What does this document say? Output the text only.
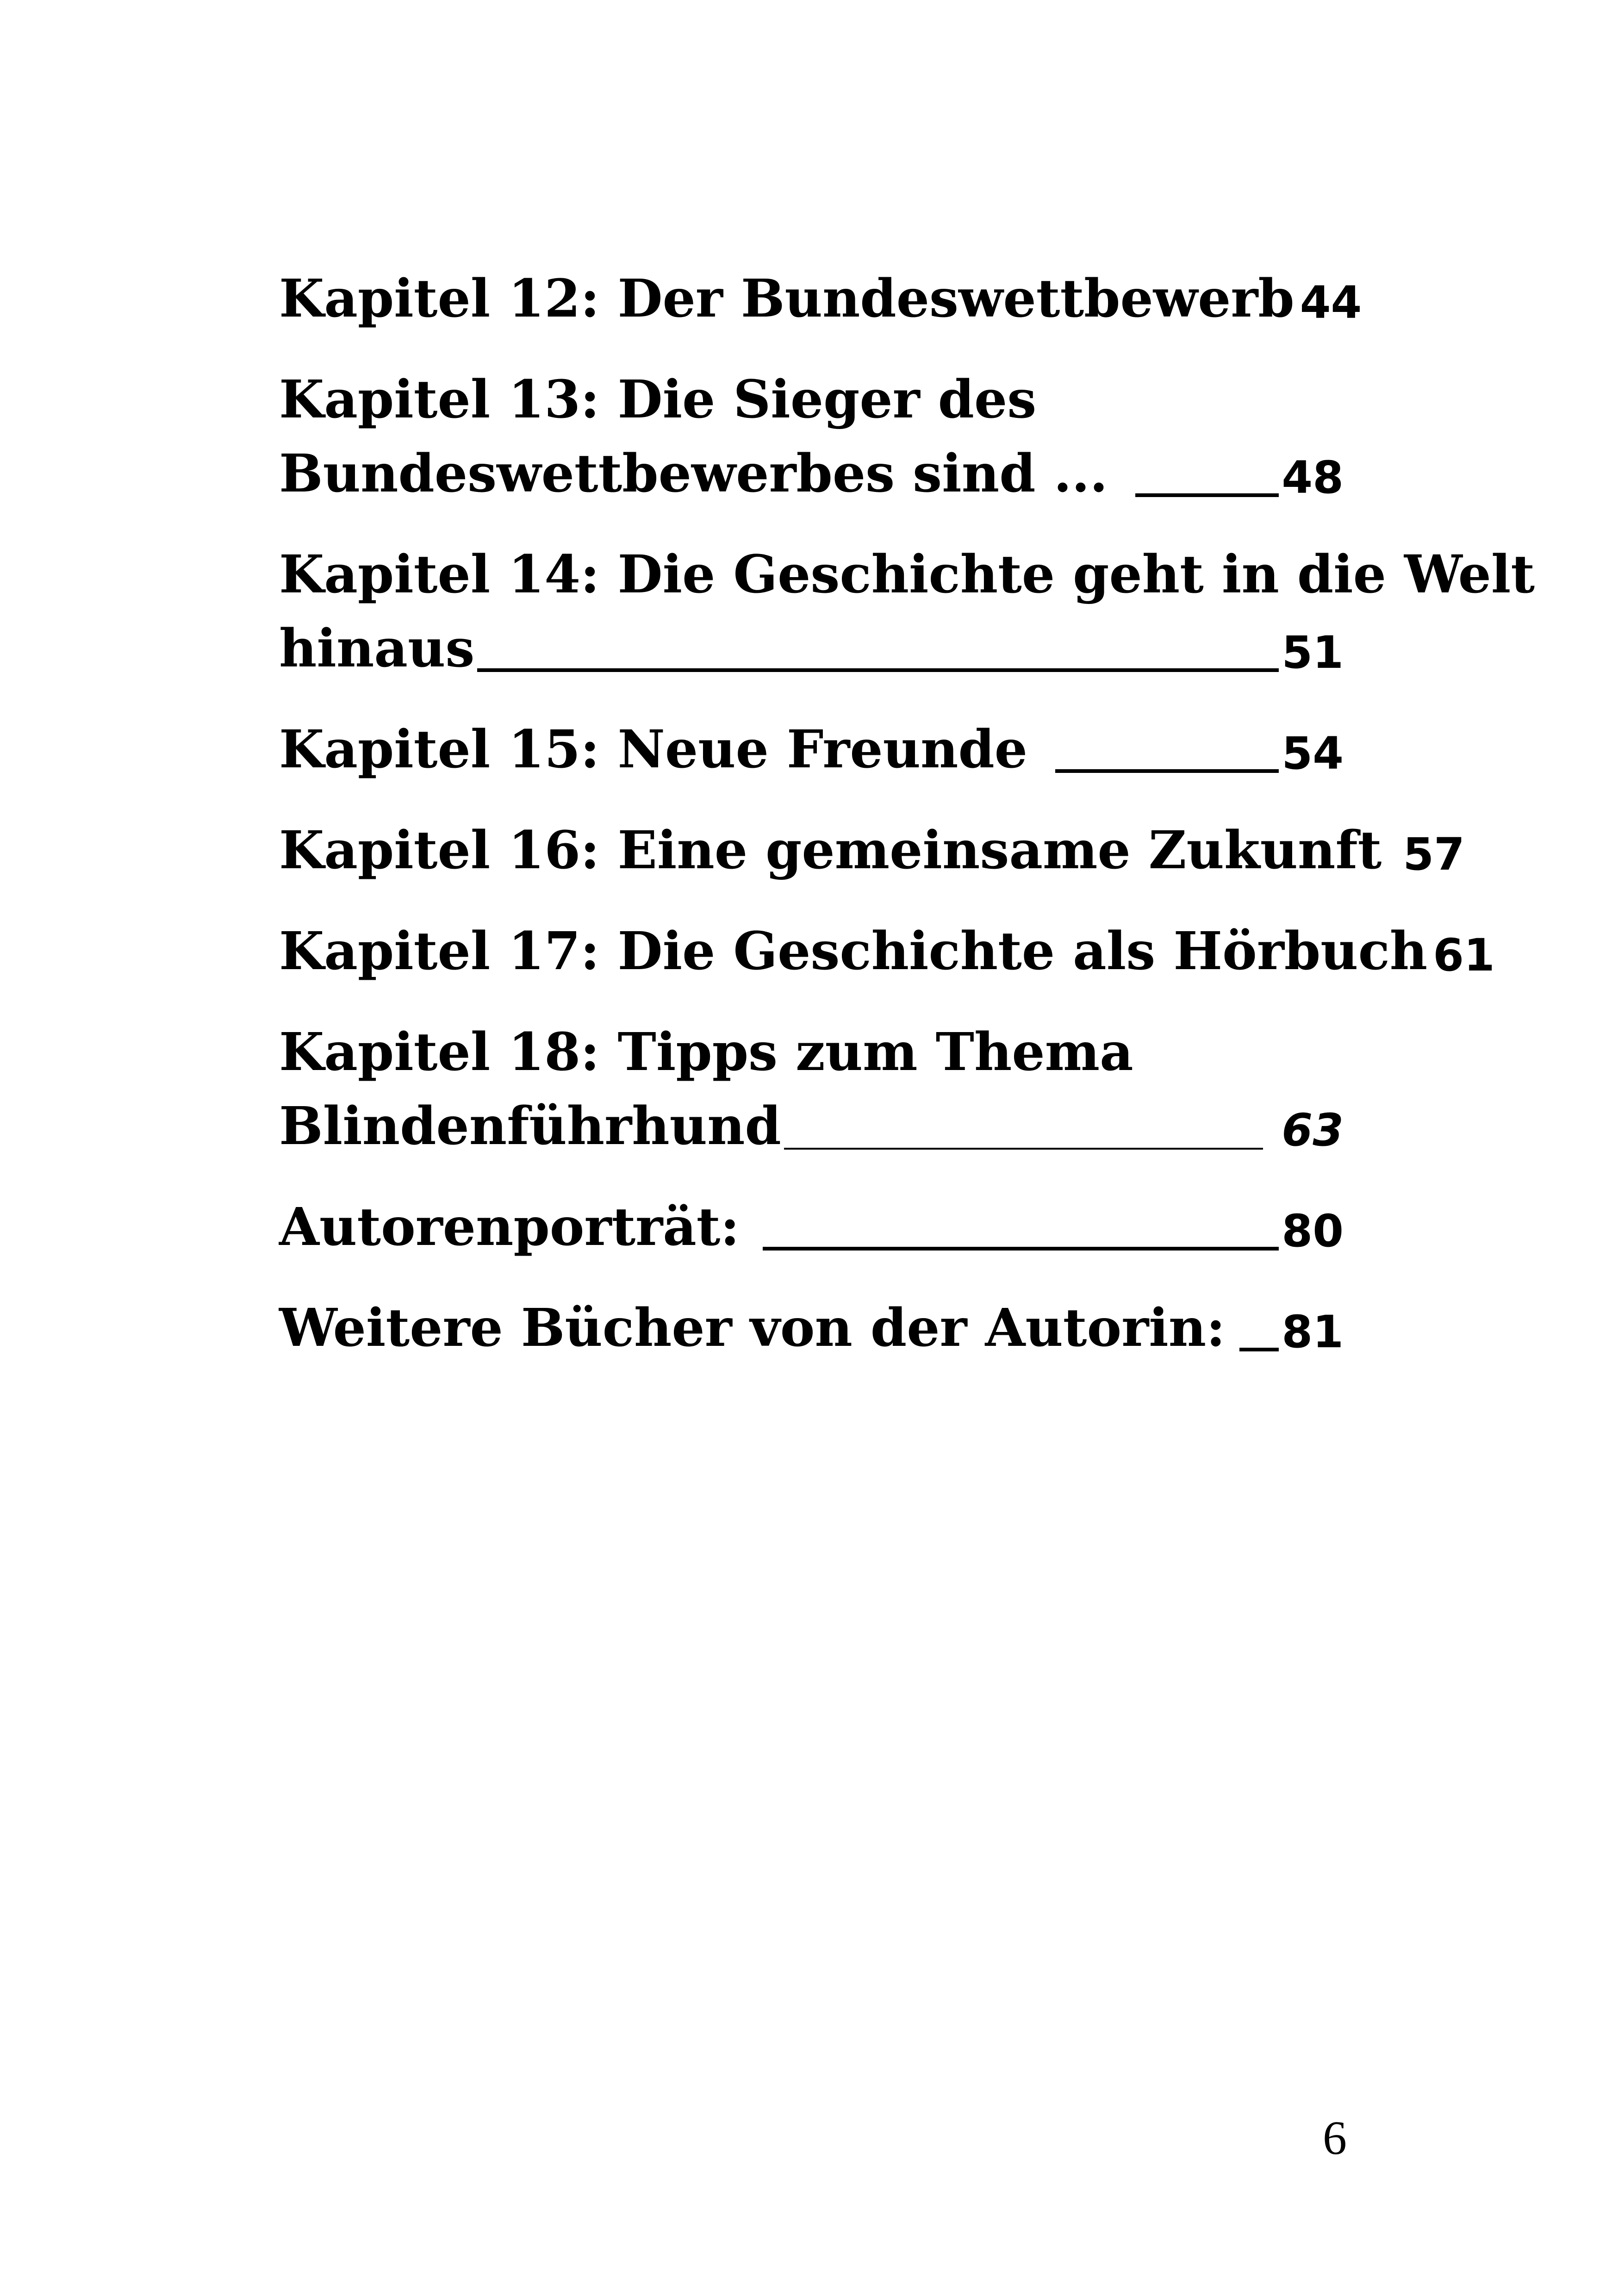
Kapitel 12: Der Bundeswettbewerb 44
Kapitel 13: Die Sieger des
Bundeswettbewerbes sind ...	48
Kapitel 14: Die Geschichte geht in die Welt
hinaus	51
Kapitel 15: Neue Freunde	54
Kapitel 16: Eine gemeinsame Zukunft 57
Kapitel 17: Die Geschichte als Hörbuch 61
Kapitel 18: Tipps zum Thema
Blindenführhund	63
Autorenporträt:	80
Weitere Bücher von der Autorin: 81
6
